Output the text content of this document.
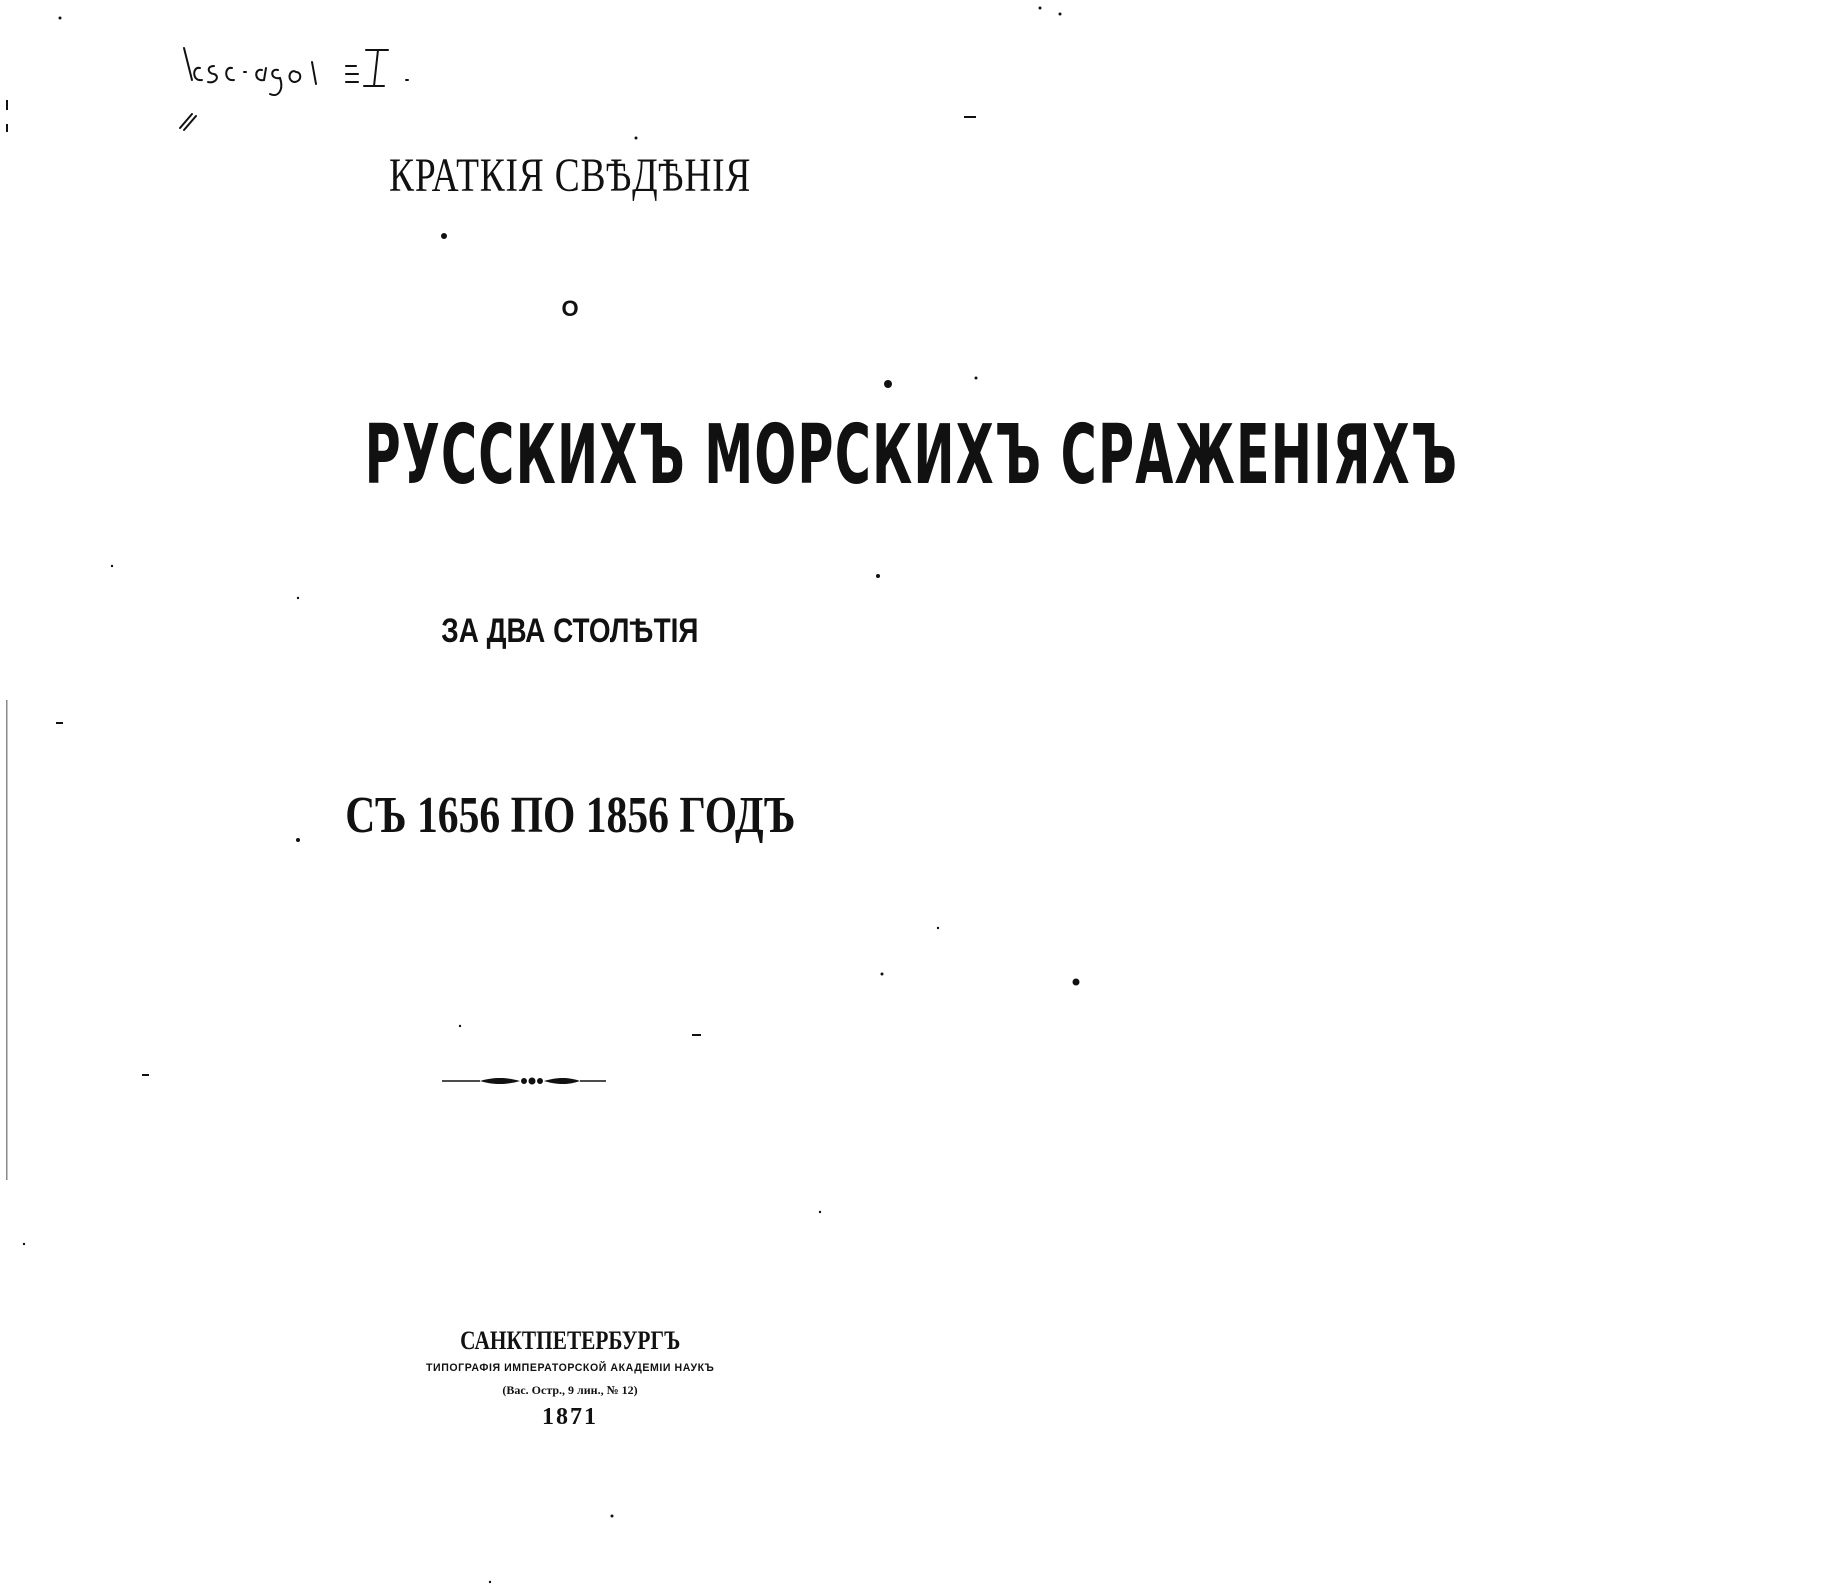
КРАТКІЯ СВѢДѢНІЯ
О
РУССКИХЪ МОРСКИХЪ СРАЖЕНІЯХЪ
ЗА ДВА СТОЛѢТІЯ
СЪ 1656 ПО 1856 ГОДЪ
САНКТПЕТЕРБУРГЪ
ТИПОГРАФІЯ ИМПЕРАТОРСКОЙ АКАДЕМІИ НАУКЪ
(Вас. Остр., 9 лин., № 12)
1871
